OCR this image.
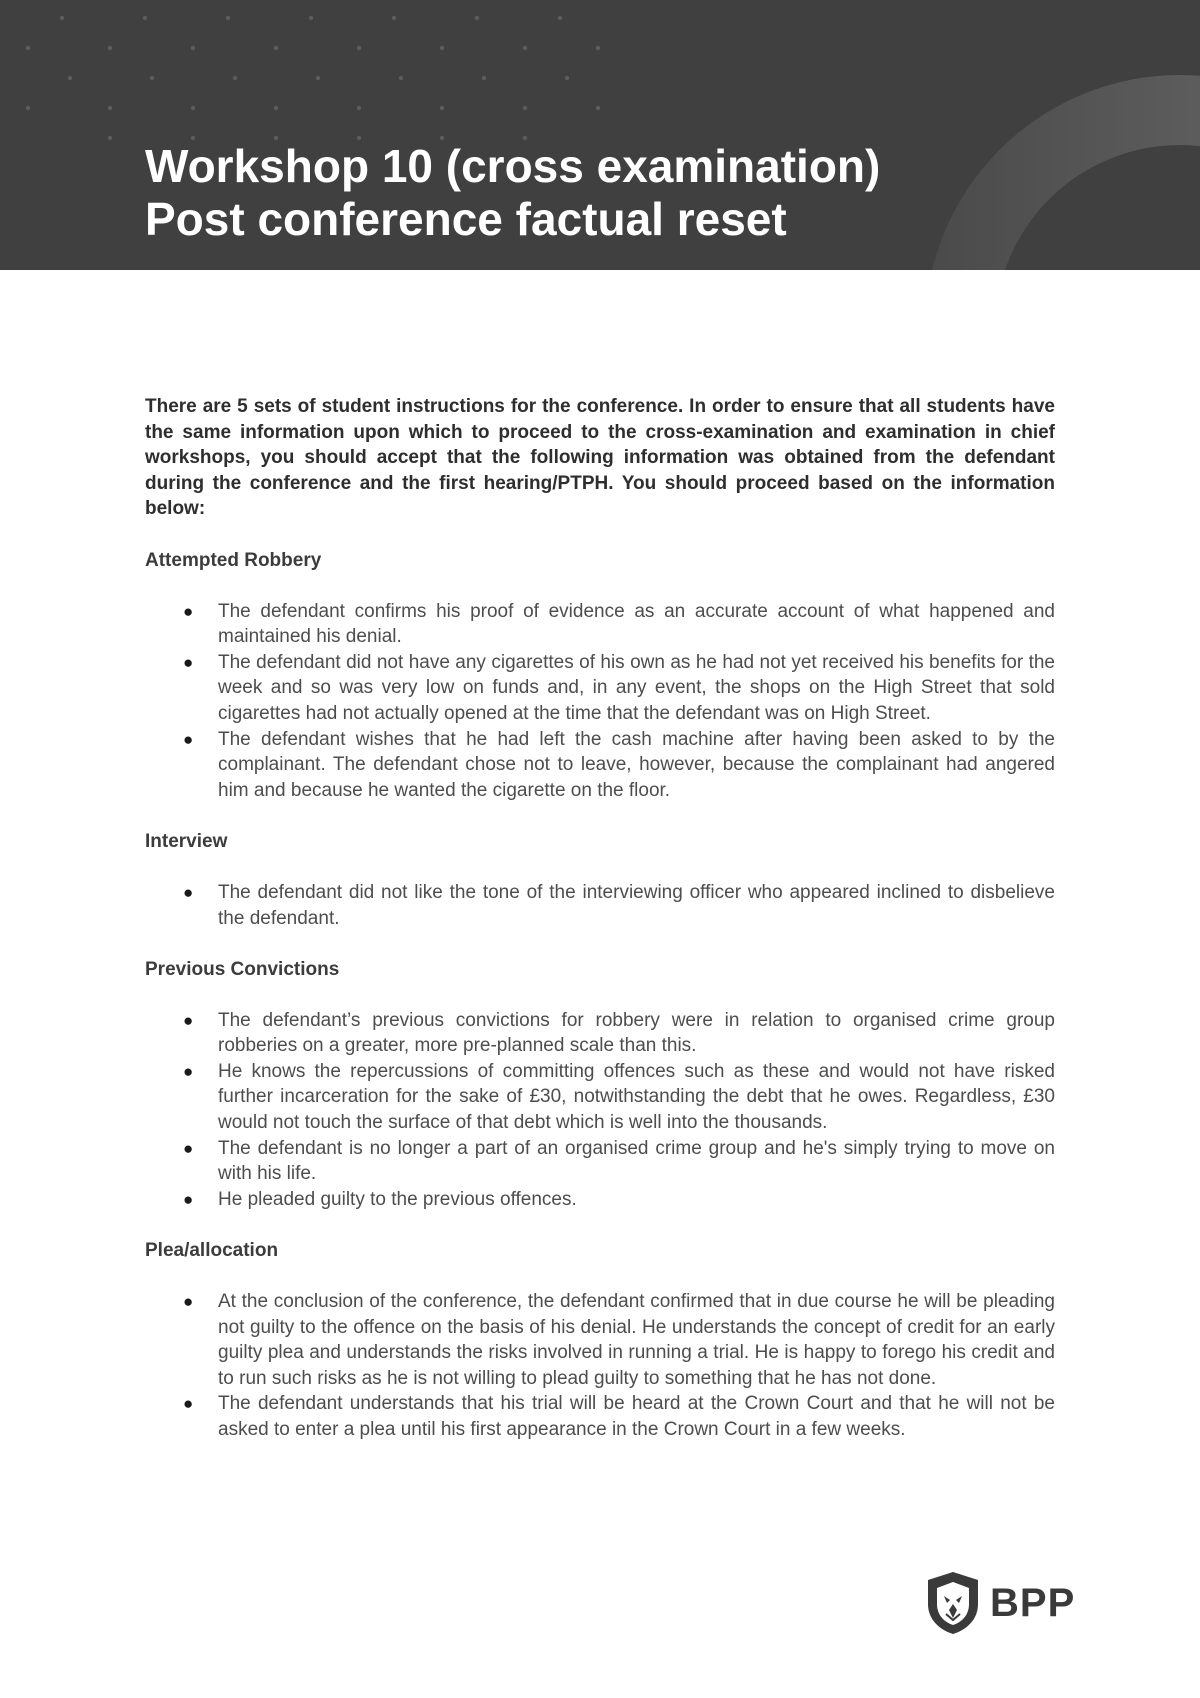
Workshop 10 (cross examination)
Post conference factual reset

There are 5 sets of student instructions for the conference. In order to ensure that all students have the same information upon which to proceed to the cross-examination and examination in chief workshops, you should accept that the following information was obtained from the defendant during the conference and the first hearing/PTPH. You should proceed based on the information below:

Attempted Robbery
● The defendant confirms his proof of evidence as an accurate account of what happened and maintained his denial.
● The defendant did not have any cigarettes of his own as he had not yet received his benefits for the week and so was very low on funds and, in any event, the shops on the High Street that sold cigarettes had not actually opened at the time that the defendant was on High Street.
● The defendant wishes that he had left the cash machine after having been asked to by the complainant. The defendant chose not to leave, however, because the complainant had angered him and because he wanted the cigarette on the floor.
Interview
● The defendant did not like the tone of the interviewing officer who appeared inclined to disbelieve the defendant.
Previous Convictions
● The defendant’s previous convictions for robbery were in relation to organised crime group robberies on a greater, more pre-planned scale than this.
● He knows the repercussions of committing offences such as these and would not have risked further incarceration for the sake of £30, notwithstanding the debt that he owes. Regardless, £30 would not touch the surface of that debt which is well into the thousands.
● The defendant is no longer a part of an organised crime group and he's simply trying to move on with his life.
● He pleaded guilty to the previous offences.
Plea/allocation
● At the conclusion of the conference, the defendant confirmed that in due course he will be pleading not guilty to the offence on the basis of his denial. He understands the concept of credit for an early guilty plea and understands the risks involved in running a trial. He is happy to forego his credit and to run such risks as he is not willing to plead guilty to something that he has not done.
● The defendant understands that his trial will be heard at the Crown Court and that he will not be asked to enter a plea until his first appearance in the Crown Court in a few weeks.
BPP
